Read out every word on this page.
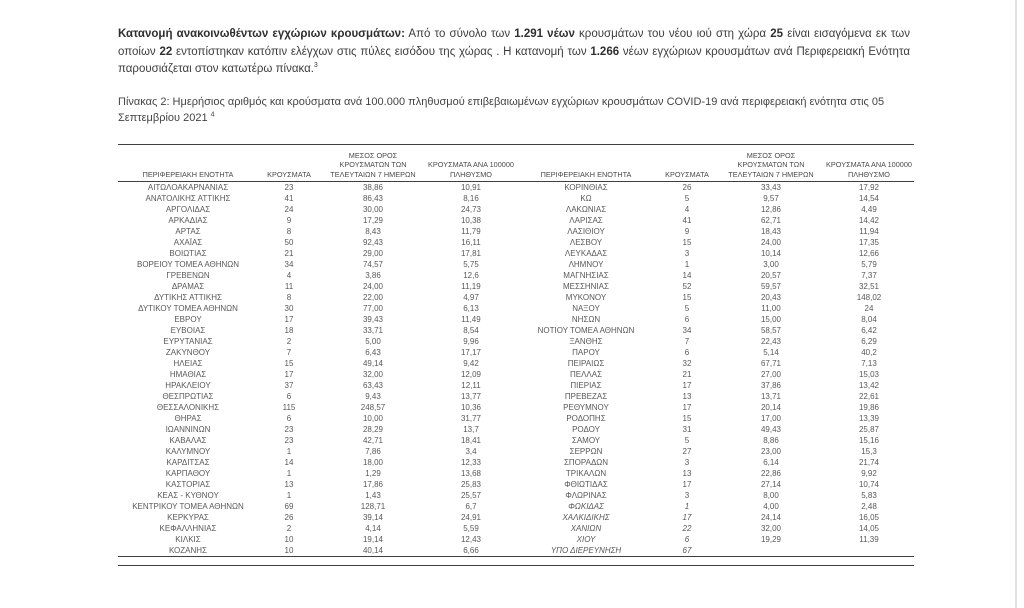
Κατανομή ανακοινωθέντων εγχώριων κρουσμάτων: Από το σύνολο των 1.291 νέων κρουσμάτων του νέου ιού στη χώρα 25 είναι εισαγόμενα εκ των οποίων 22 εντοπίστηκαν κατόπιν ελέγχων στις πύλες εισόδου της χώρας . Η κατανομή των 1.266 νέων εγχώριων κρουσμάτων ανά Περιφερειακή Ενότητα παρουσιάζεται στον κατωτέρω πίνακα.$^3$

Πίνακας 2: Ημερήσιος αριθμός και κρούσματα ανά 100.000 πληθυσμού επιβεβαιωμένων εγχώριων κρουσμάτων COVID-19 ανά περιφερειακή ενότητα στις 05 Σεπτεμβρίου 2021 $^4$

ΠΕΡΙΦΕΡΕΙΑΚΗ ΕΝΟΤΗΤΑ	ΚΡΟΥΣΜΑΤΑ	ΜΕΣΟΣ ΟΡΟΣ
ΚΡΟΥΣΜΑΤΩΝ ΤΩΝ
ΤΕΛΕΥΤΑΙΩΝ 7 ΗΜΕΡΩΝ	ΚΡΟΥΣΜΑΤΑ ΑΝΑ 100000
ΠΛΗΘΥΣΜΟ	ΠΕΡΙΦΕΡΕΙΑΚΗ ΕΝΟΤΗΤΑ	ΚΡΟΥΣΜΑΤΑ	ΜΕΣΟΣ ΟΡΟΣ
ΚΡΟΥΣΜΑΤΩΝ ΤΩΝ
ΤΕΛΕΥΤΑΙΩΝ 7 ΗΜΕΡΩΝ	ΚΡΟΥΣΜΑΤΑ ΑΝΑ 100000
ΠΛΗΘΥΣΜΟ
ΑΙΤΩΛΟΑΚΑΡΝΑΝΙΑΣ	23	38,86	10,91	ΚΟΡΙΝΘΙΑΣ	26	33,43	17,92
ΑΝΑΤΟΛΙΚΗΣ ΑΤΤΙΚΗΣ	41	86,43	8,16	ΚΩ	5	9,57	14,54
ΑΡΓΟΛΙΔΑΣ	24	30,00	24,73	ΛΑΚΩΝΙΑΣ	4	12,86	4,49
ΑΡΚΑΔΙΑΣ	9	17,29	10,38	ΛΑΡΙΣΑΣ	41	62,71	14,42
ΑΡΤΑΣ	8	8,43	11,79	ΛΑΣΙΘΙΟΥ	9	18,43	11,94
ΑΧΑΪΑΣ	50	92,43	16,11	ΛΕΣΒΟΥ	15	24,00	17,35
ΒΟΙΩΤΙΑΣ	21	29,00	17,81	ΛΕΥΚΑΔΑΣ	3	10,14	12,66
ΒΟΡΕΙΟΥ ΤΟΜΕΑ ΑΘΗΝΩΝ	34	74,57	5,75	ΛΗΜΝΟΥ	1	3,00	5,79
ΓΡΕΒΕΝΩΝ	4	3,86	12,6	ΜΑΓΝΗΣΙΑΣ	14	20,57	7,37
ΔΡΑΜΑΣ	11	24,00	11,19	ΜΕΣΣΗΝΙΑΣ	52	59,57	32,51
ΔΥΤΙΚΗΣ ΑΤΤΙΚΗΣ	8	22,00	4,97	ΜΥΚΟΝΟΥ	15	20,43	148,02
ΔΥΤΙΚΟΥ ΤΟΜΕΑ ΑΘΗΝΩΝ	30	77,00	6,13	ΝΑΞΟΥ	5	11,00	24
ΕΒΡΟΥ	17	39,43	11,49	ΝΗΣΩΝ	6	15,00	8,04
ΕΥΒΟΙΑΣ	18	33,71	8,54	ΝΟΤΙΟΥ ΤΟΜΕΑ ΑΘΗΝΩΝ	34	58,57	6,42
ΕΥΡΥΤΑΝΙΑΣ	2	5,00	9,96	ΞΑΝΘΗΣ	7	22,43	6,29
ΖΑΚΥΝΘΟΥ	7	6,43	17,17	ΠΑΡΟΥ	6	5,14	40,2
ΗΛΕΙΑΣ	15	49,14	9,42	ΠΕΙΡΑΙΩΣ	32	67,71	7,13
ΗΜΑΘΙΑΣ	17	32,00	12,09	ΠΕΛΛΑΣ	21	27,00	15,03
ΗΡΑΚΛΕΙΟΥ	37	63,43	12,11	ΠΙΕΡΙΑΣ	17	37,86	13,42
ΘΕΣΠΡΩΤΙΑΣ	6	9,43	13,77	ΠΡΕΒΕΖΑΣ	13	13,71	22,61
ΘΕΣΣΑΛΟΝΙΚΗΣ	115	248,57	10,36	ΡΕΘΥΜΝΟΥ	17	20,14	19,86
ΘΗΡΑΣ	6	10,00	31,77	ΡΟΔΟΠΗΣ	15	17,00	13,39
ΙΩΑΝΝΙΝΩΝ	23	28,29	13,7	ΡΟΔΟΥ	31	49,43	25,87
ΚΑΒΑΛΑΣ	23	42,71	18,41	ΣΑΜΟΥ	5	8,86	15,16
ΚΑΛΥΜΝΟΥ	1	7,86	3,4	ΣΕΡΡΩΝ	27	23,00	15,3
ΚΑΡΔΙΤΣΑΣ	14	18,00	12,33	ΣΠΟΡΑΔΩΝ	3	6,14	21,74
ΚΑΡΠΑΘΟΥ	1	1,29	13,68	ΤΡΙΚΑΛΩΝ	13	22,86	9,92
ΚΑΣΤΟΡΙΑΣ	13	17,86	25,83	ΦΘΙΩΤΙΔΑΣ	17	27,14	10,74
ΚΕΑΣ - ΚΥΘΝΟΥ	1	1,43	25,57	ΦΛΩΡΙΝΑΣ	3	8,00	5,83
ΚΕΝΤΡΙΚΟΥ ΤΟΜΕΑ ΑΘΗΝΩΝ	69	128,71	6,7	ΦΩΚΙΔΑΣ	1	4,00	2,48
ΚΕΡΚΥΡΑΣ	26	39,14	24,91	ΧΑΛΚΙΔΙΚΗΣ	17	24,14	16,05
ΚΕΦΑΛΛΗΝΙΑΣ	2	4,14	5,59	ΧΑΝΙΩΝ	22	32,00	14,05
ΚΙΛΚΙΣ	10	19,14	12,43	ΧΙΟΥ	6	19,29	11,39
ΚΟΖΑΝΗΣ	10	40,14	6,66	ΥΠΟ ΔΙΕΡΕΥΝΗΣΗ	67		
